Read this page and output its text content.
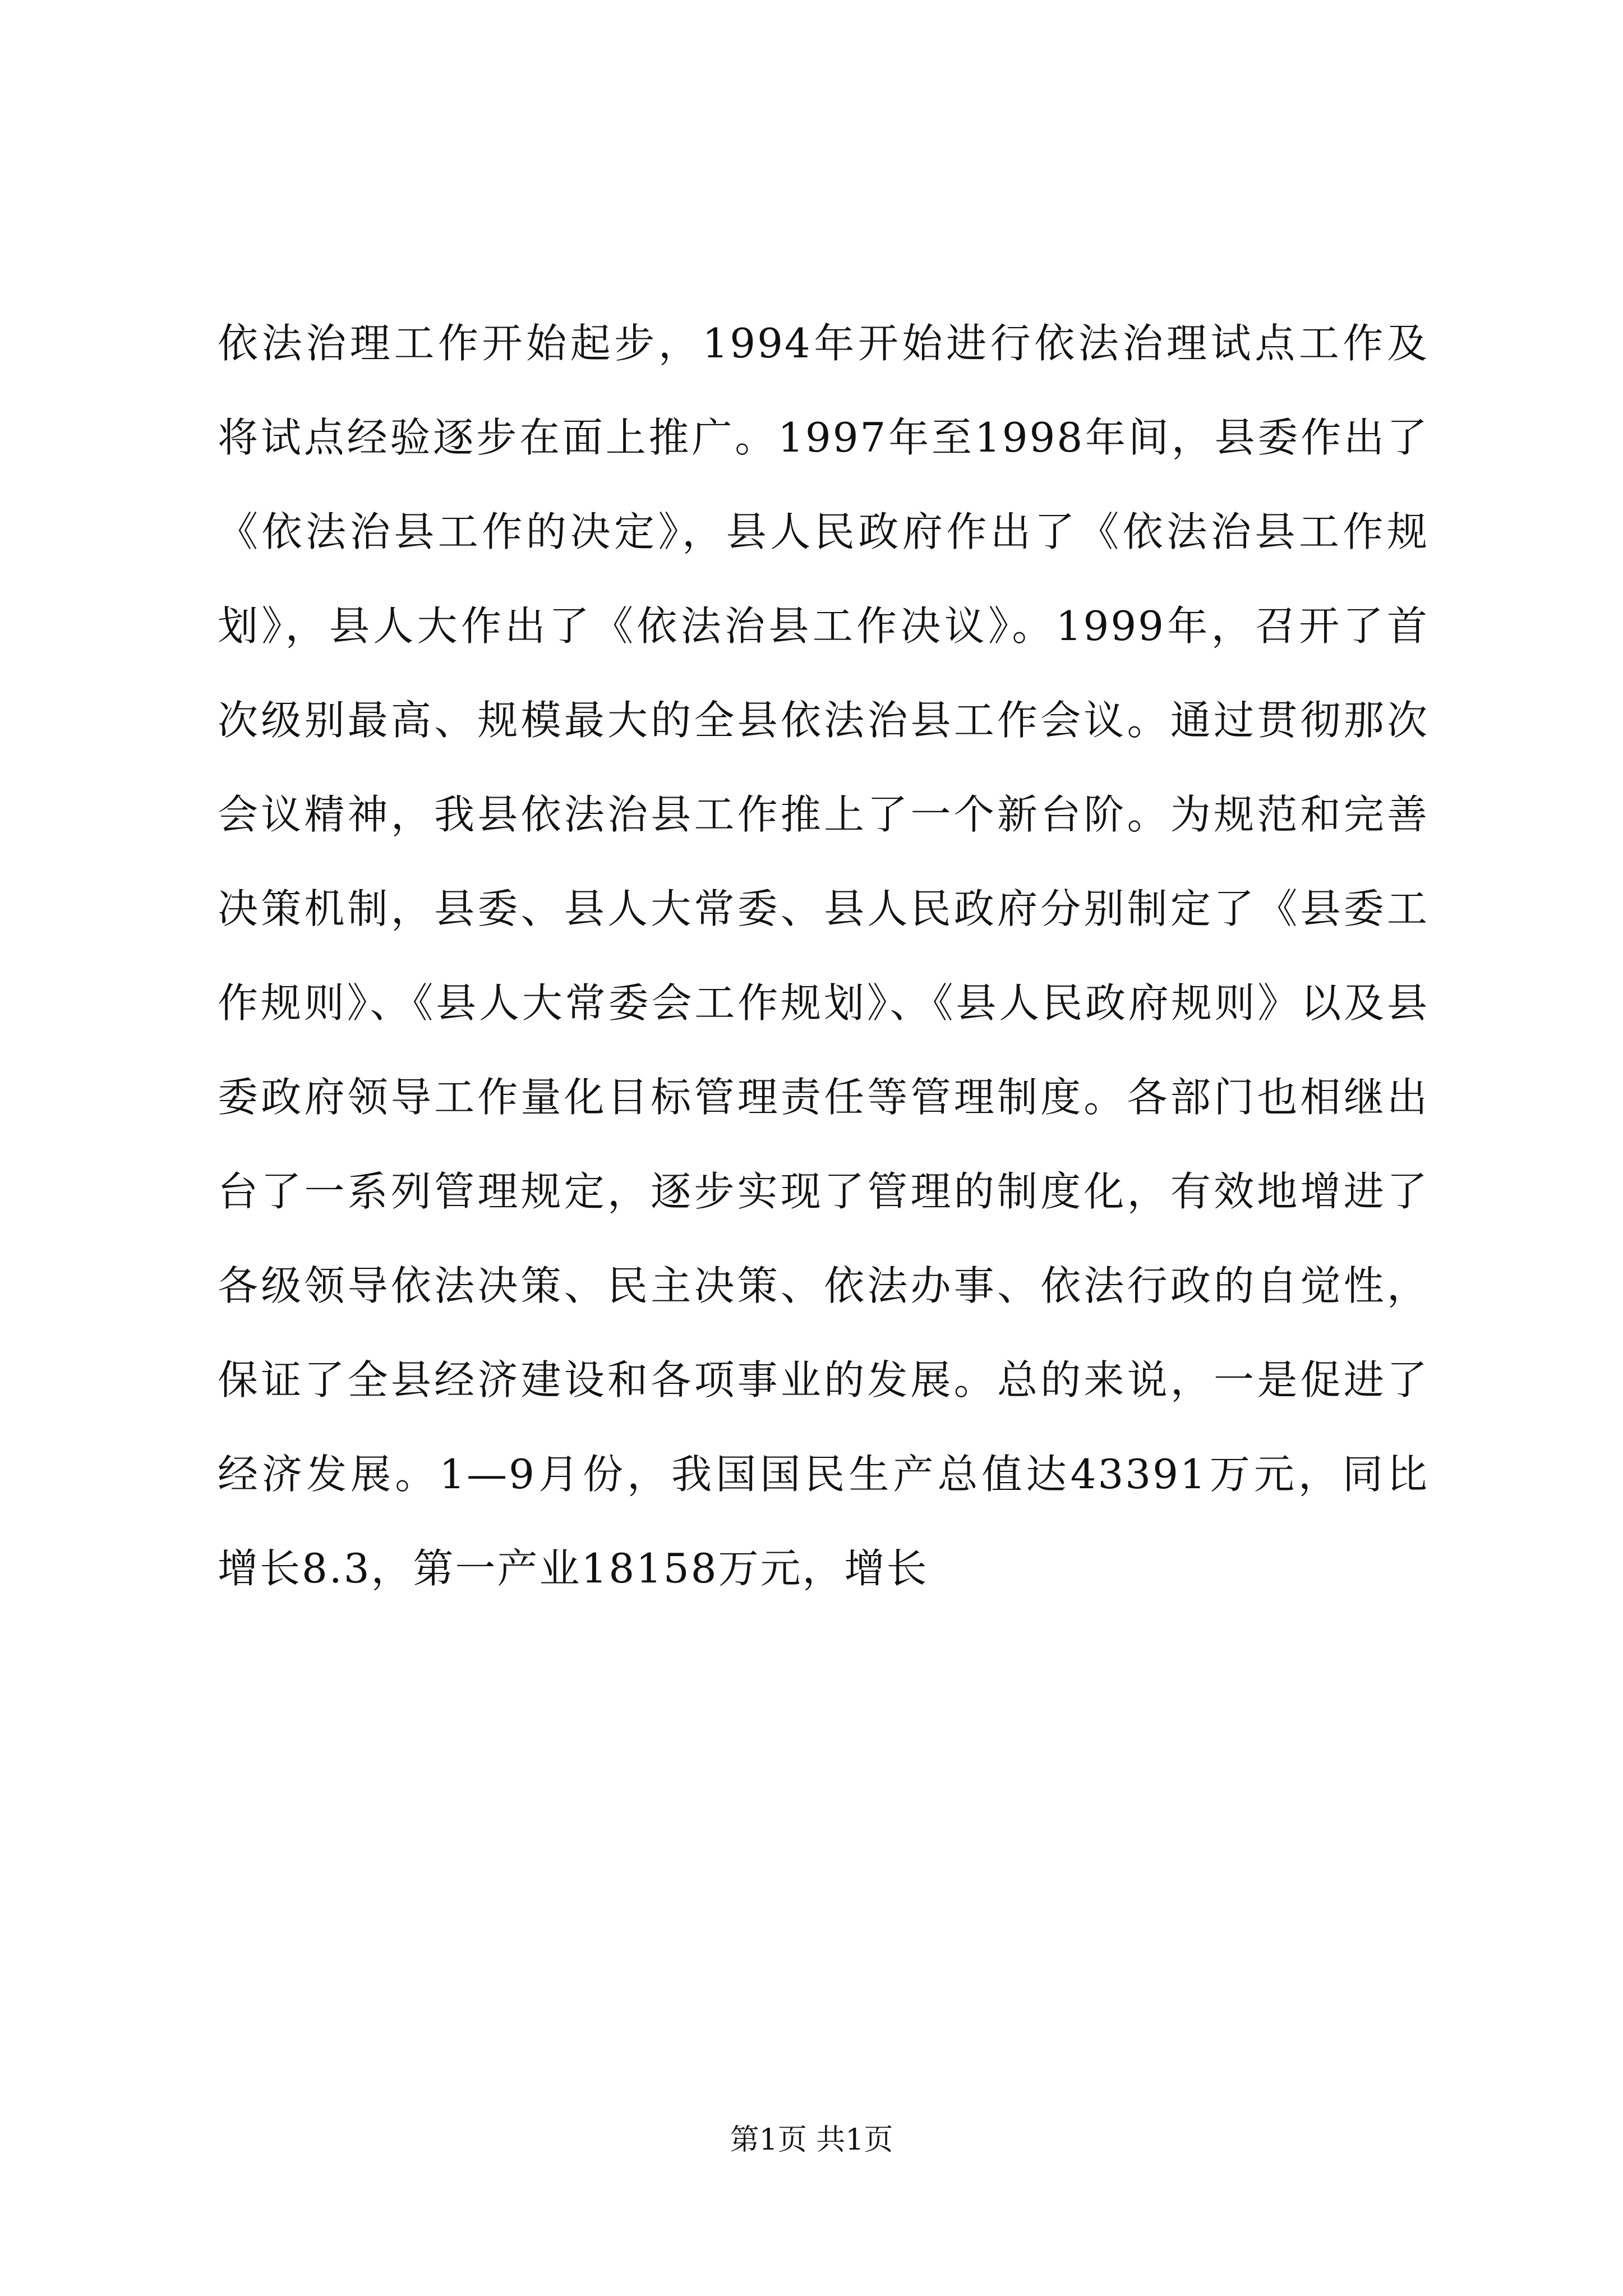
依法治理工作开始起步，1994年开始进行依法治理试点工作及
将试点经验逐步在面上推广。1997年至1998年间，县委作出了
《依法治县工作的决定》，县人民政府作出了《依法治县工作规
划》，县人大作出了《依法治县工作决议》。1999年，召开了首
次级别最高、规模最大的全县依法治县工作会议。通过贯彻那次
会议精神，我县依法治县工作推上了一个新台阶。为规范和完善
决策机制，县委、县人大常委、县人民政府分别制定了《县委工
作规则》、《县人大常委会工作规划》、《县人民政府规则》以及县
委政府领导工作量化目标管理责任等管理制度。各部门也相继出
台了一系列管理规定，逐步实现了管理的制度化，有效地增进了
各级领导依法决策、民主决策、依法办事、依法行政的自觉性，
保证了全县经济建设和各项事业的发展。总的来说，一是促进了
经济发展。1—9月份，我国国民生产总值达43391万元，同比
增长8.3，第一产业18158万元，增长
第1页 共1页
